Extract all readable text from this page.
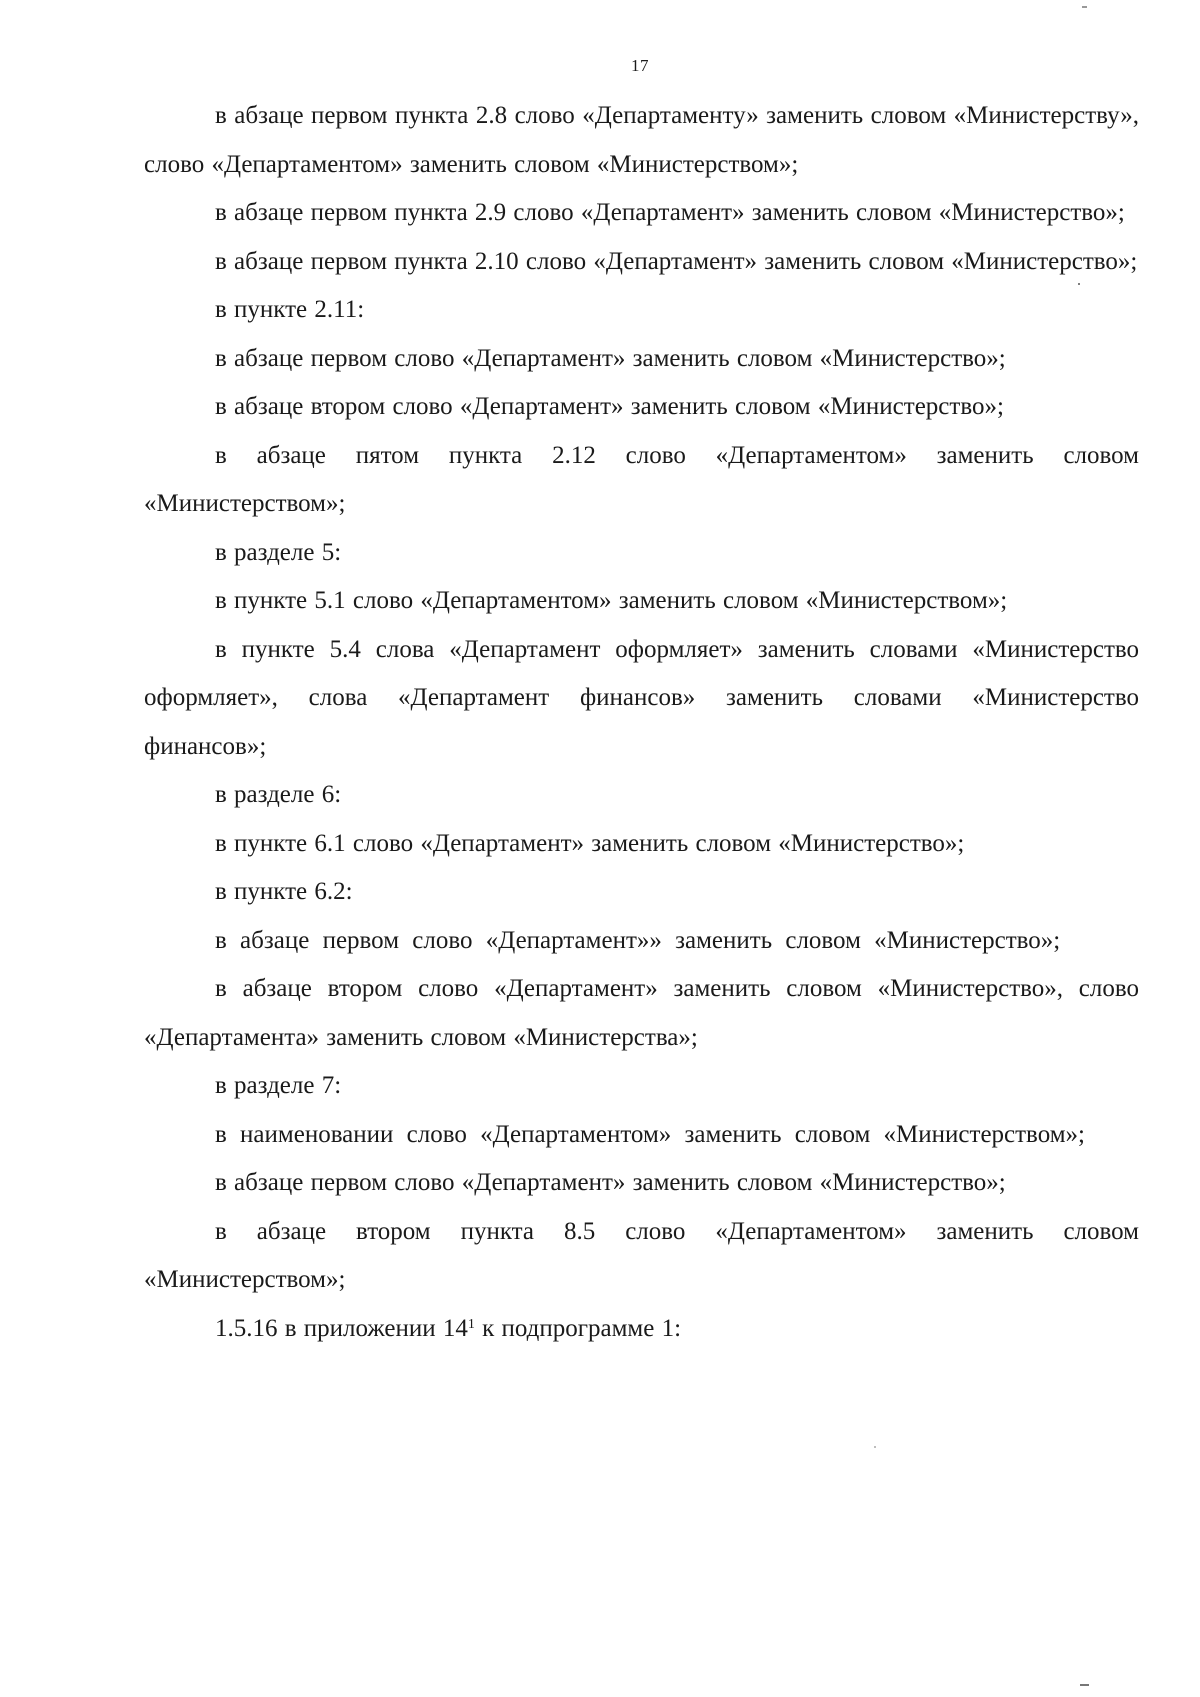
17

в абзаце первом пункта 2.8 слово «Департаменту» заменить словом «Министерству», слово «Департаментом» заменить словом «Министерством»;

в абзаце первом пункта 2.9 слово «Департамент» заменить словом «Министерство»;

в абзаце первом пункта 2.10 слово «Департамент» заменить словом «Министерство»;

в пункте 2.11:

в абзаце первом слово «Департамент» заменить словом «Министерство»;

в абзаце втором слово «Департамент» заменить словом «Министерство»;

в абзаце пятом пункта 2.12 слово «Департаментом» заменить словом «Министерством»;

в разделе 5:

в пункте 5.1 слово «Департаментом» заменить словом «Министерством»;

в пункте 5.4 слова «Департамент оформляет» заменить словами «Министерство оформляет», слова «Департамент финансов» заменить словами «Министерство финансов»;

в разделе 6:

в пункте 6.1 слово «Департамент» заменить словом «Министерство»;

в пункте 6.2:

в абзаце первом слово «Департамент»» заменить словом «Министерство»;

в абзаце втором слово «Департамент» заменить словом «Министерство», слово «Департамента» заменить словом «Министерства»;

в разделе 7:

в наименовании слово «Департаментом» заменить словом «Министерством»;

в абзаце первом слово «Департамент» заменить словом «Министерство»;

в абзаце втором пункта 8.5 слово «Департаментом» заменить словом «Министерством»;

1.5.16 в приложении $14^1$ к подпрограмме 1:
